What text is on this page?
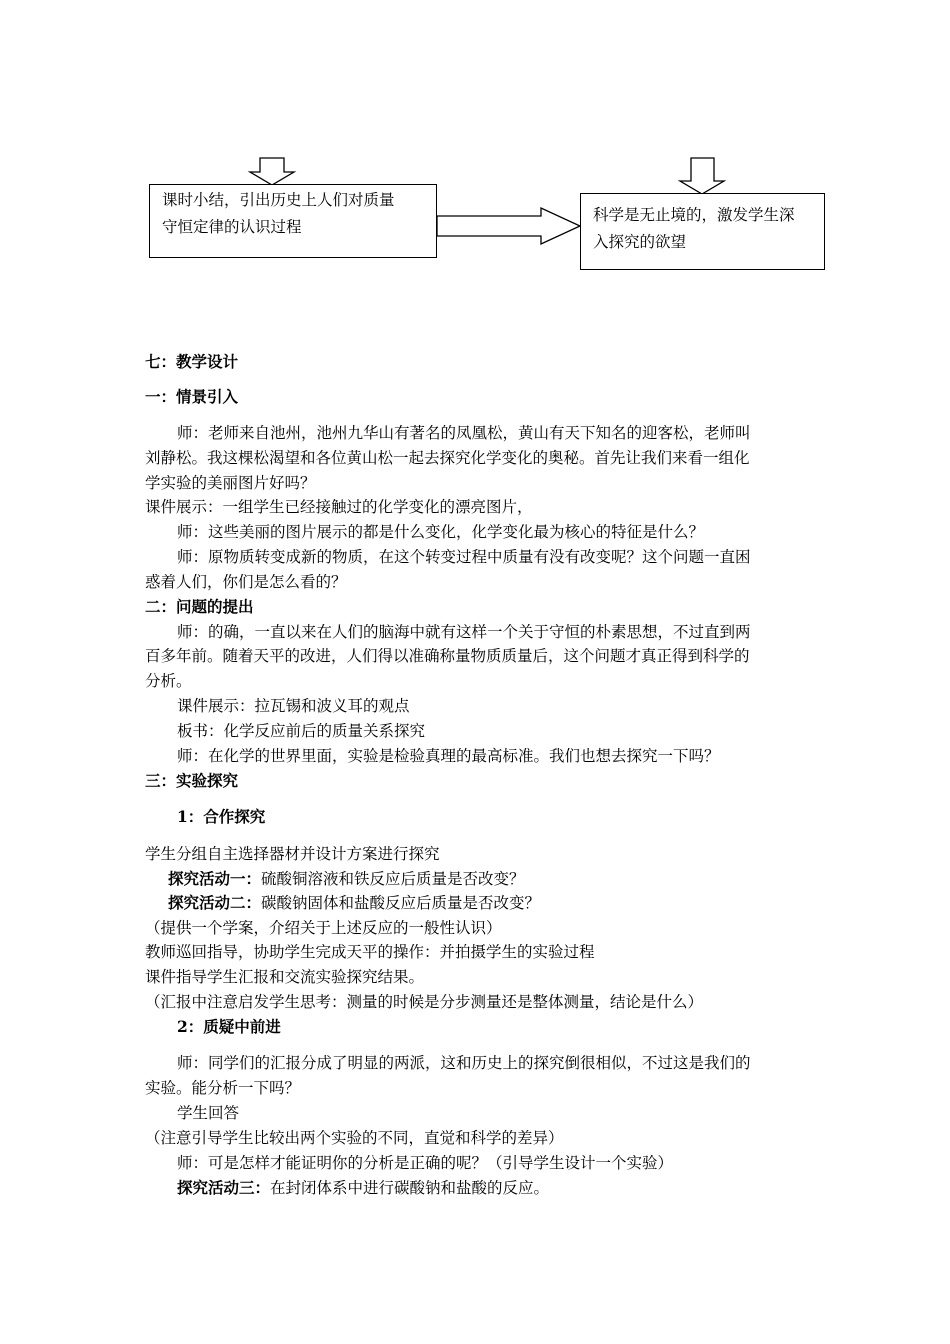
课时小结，引出历史上人们对质量
守恒定律的认识过程
科学是无止境的，激发学生深
入探究的欲望
七：教学设计
一：情景引入
师：老师来自池州，池州九华山有著名的凤凰松，黄山有天下知名的迎客松，老师叫
刘静松。我这棵松渴望和各位黄山松一起去探究化学变化的奥秘。首先让我们来看一组化
学实验的美丽图片好吗？
课件展示：一组学生已经接触过的化学变化的漂亮图片，
师：这些美丽的图片展示的都是什么变化，化学变化最为核心的特征是什么？
师：原物质转变成新的物质，在这个转变过程中质量有没有改变呢？这个问题一直困
惑着人们，你们是怎么看的？
二：问题的提出
师：的确，一直以来在人们的脑海中就有这样一个关于守恒的朴素思想，不过直到两
百多年前。随着天平的改进，人们得以准确称量物质质量后，这个问题才真正得到科学的
分析。
课件展示：拉瓦锡和波义耳的观点
板书：化学反应前后的质量关系探究
师：在化学的世界里面，实验是检验真理的最高标准。我们也想去探究一下吗？
三：实验探究
1：合作探究
学生分组自主选择器材并设计方案进行探究
探究活动一：硫酸铜溶液和铁反应后质量是否改变？
探究活动二：碳酸钠固体和盐酸反应后质量是否改变？
（提供一个学案，介绍关于上述反应的一般性认识）
教师巡回指导，协助学生完成天平的操作：并拍摄学生的实验过程
课件指导学生汇报和交流实验探究结果。
（汇报中注意启发学生思考：测量的时候是分步测量还是整体测量，结论是什么）
2：质疑中前进
师：同学们的汇报分成了明显的两派，这和历史上的探究倒很相似，不过这是我们的
实验。能分析一下吗？
学生回答
（注意引导学生比较出两个实验的不同，直觉和科学的差异）
师：可是怎样才能证明你的分析是正确的呢？（引导学生设计一个实验）
探究活动三：在封闭体系中进行碳酸钠和盐酸的反应。
